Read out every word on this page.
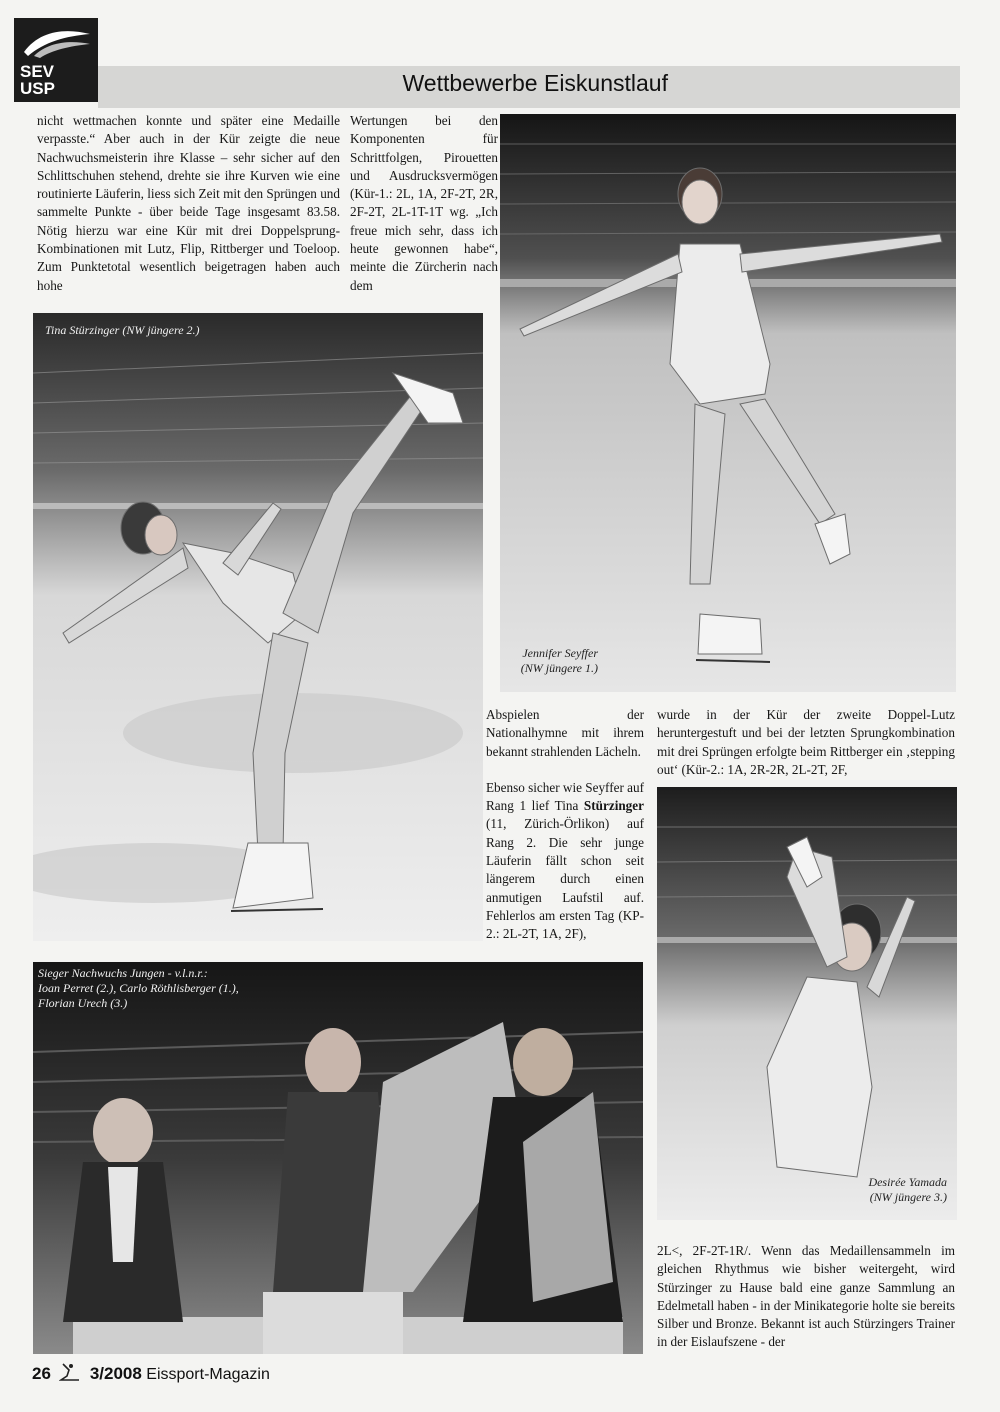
SEV
USP	Wettbewerbe Eiskunstlauf

nicht wettmachen konnte und später eine Medaille verpasste.“ Aber auch in der Kür zeigte die neue Nachwuchsmeisterin ihre Klasse – sehr sicher auf den Schlittschuhen stehend, drehte sie ihre Kurven wie eine routinierte Läuferin, liess sich Zeit mit den Sprüngen und sammelte Punkte - über beide Tage insgesamt 83.58. Nötig hierzu war eine Kür mit drei Doppelsprung-Kombinationen mit Lutz, Flip, Rittberger und Toeloop. Zum Punktetotal wesentlich beigetragen haben auch hohe

Wertungen bei den Komponenten für Schrittfolgen, Pirouetten und Ausdrucksvermögen (Kür-1.: 2L, 1A, 2F-2T, 2R, 2F-2T, 2L-1T-1T wg. „Ich freue mich sehr, dass ich heute gewonnen habe“, meinte die Zürcherin nach dem

Tina Stürzinger (NW jüngere 2.)
Jennifer Seyffer
(NW jüngere 1.)

Abspielen der Nationalhymne mit ihrem bekannt strahlenden Lächeln.

Ebenso sicher wie Seyffer auf Rang 1 lief Tina Stürzinger (11, Zürich-Örlikon) auf Rang 2. Die sehr junge Läuferin fällt schon seit längerem durch einen anmutigen Laufstil auf. Fehlerlos am ersten Tag (KP-2.: 2L-2T, 1A, 2F),

wurde in der Kür der zweite Doppel-Lutz heruntergestuft und bei der letzten Sprungkombination mit drei Sprüngen erfolgte beim Rittberger ein ‚stepping out‘ (Kür-2.: 1A, 2R-2R, 2L-2T, 2F,

Sieger Nachwuchs Jungen - v.l.n.r.:
Ioan Perret (2.), Carlo Röthlisberger (1.),
Florian Urech (3.)
Desirée Yamada
(NW jüngere 3.)

2L<, 2F-2T-1R/. Wenn das Medaillensammeln im gleichen Rhythmus wie bisher weitergeht, wird Stürzinger zu Hause bald eine ganze Sammlung an Edelmetall haben - in der Minikategorie holte sie bereits Silber und Bronze. Bekannt ist auch Stürzingers Trainer in der Eislaufszene - der

26 3/2008 Eissport-Magazin
